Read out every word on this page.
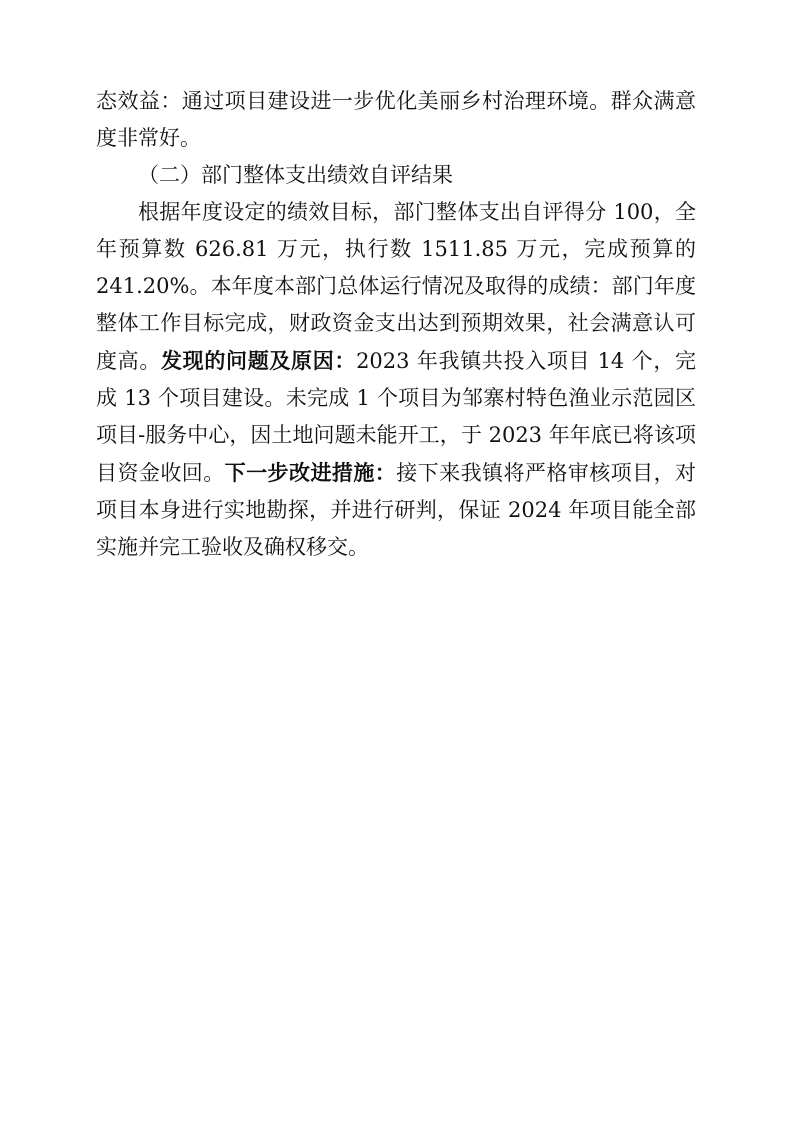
态效益：通过项目建设进一步优化美丽乡村治理环境。群众满意度非常好。

（二）部门整体支出绩效自评结果

根据年度设定的绩效目标，部门整体支出自评得分 100，全年预算数 626.81 万元，执行数 1511.85 万元，完成预算的 241.20%。本年度本部门总体运行情况及取得的成绩：部门年度整体工作目标完成，财政资金支出达到预期效果，社会满意认可度高。发现的问题及原因：2023 年我镇共投入项目 14 个，完成 13 个项目建设。未完成 1 个项目为邹寨村特色渔业示范园区项目-服务中心，因土地问题未能开工，于 2023 年年底已将该项目资金收回。下一步改进措施：接下来我镇将严格审核项目，对项目本身进行实地勘探，并进行研判，保证 2024 年项目能全部实施并完工验收及确权移交。
